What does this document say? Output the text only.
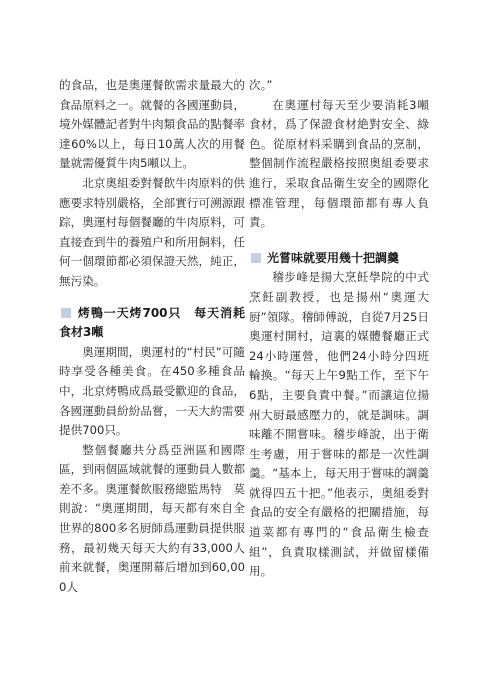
的食品，也是奧運餐飲需求量最大的食品原料之一。就餐的各國運動員，境外媒體記者對牛肉類食品的點餐率達60%以上，每日10萬人次的用餐量就需優質牛肉5噸以上。

北京奧組委對餐飲牛肉原料的供應要求特別嚴格，全部實行可溯源跟踪，奧運村每個餐廳的牛肉原料，可直接查到牛的養殖户和所用飼料，任何一個環節都必須保證天然，純正，無污染。

烤鴨一天烤700只　每天消耗食材3噸

奧運期間，奧運村的“村民”可隨時享受各種美食。在450多種食品中，北京烤鴨成爲最受歡迎的食品，各國運動員紛紛品嘗，一天大約需要提供700只。

整個餐廳共分爲亞洲區和國際區，到兩個區域就餐的運動員人數都差不多。奧運餐飲服務總監馬特　莫則說：“奧運期間，每天都有來自全世界的800多名厨師爲運動員提供服務，最初幾天每天大約有33,000人前来就餐，奥運開幕后增加到60,000人

次。”

在奧運村每天至少要消耗3噸食材，爲了保證食材絶對安全、綠色。從原材料采購到食品的烹制，整個制作流程嚴格按照奥組委要求進行，采取食品衛生安全的國際化標准管理，每個環節都有專人負責。

光嘗味就要用幾十把調羹

稽步峰是揚大烹飪學院的中式烹飪副教授，也是揚州“奧運大厨”領隊。稽師傅説，自從7月25日奧運村開村，這裏的媒體餐廳正式24小時運營，他們24小時分四班輪換。“每天上午9點工作，至下午6點，主要負責中餐。”而讓這位揚州大厨最感壓力的，就是調味。調味離不開嘗味。稽步峰說，出于衛生考慮，用于嘗味的都是一次性調羹。“基本上，每天用于嘗味的調羹就得四五十把。”他表示，奥組委對食品的安全有嚴格的把關措施，每道菜都有專門的“食品衛生檢查組”，負責取樣測試，并做留樣備用。
